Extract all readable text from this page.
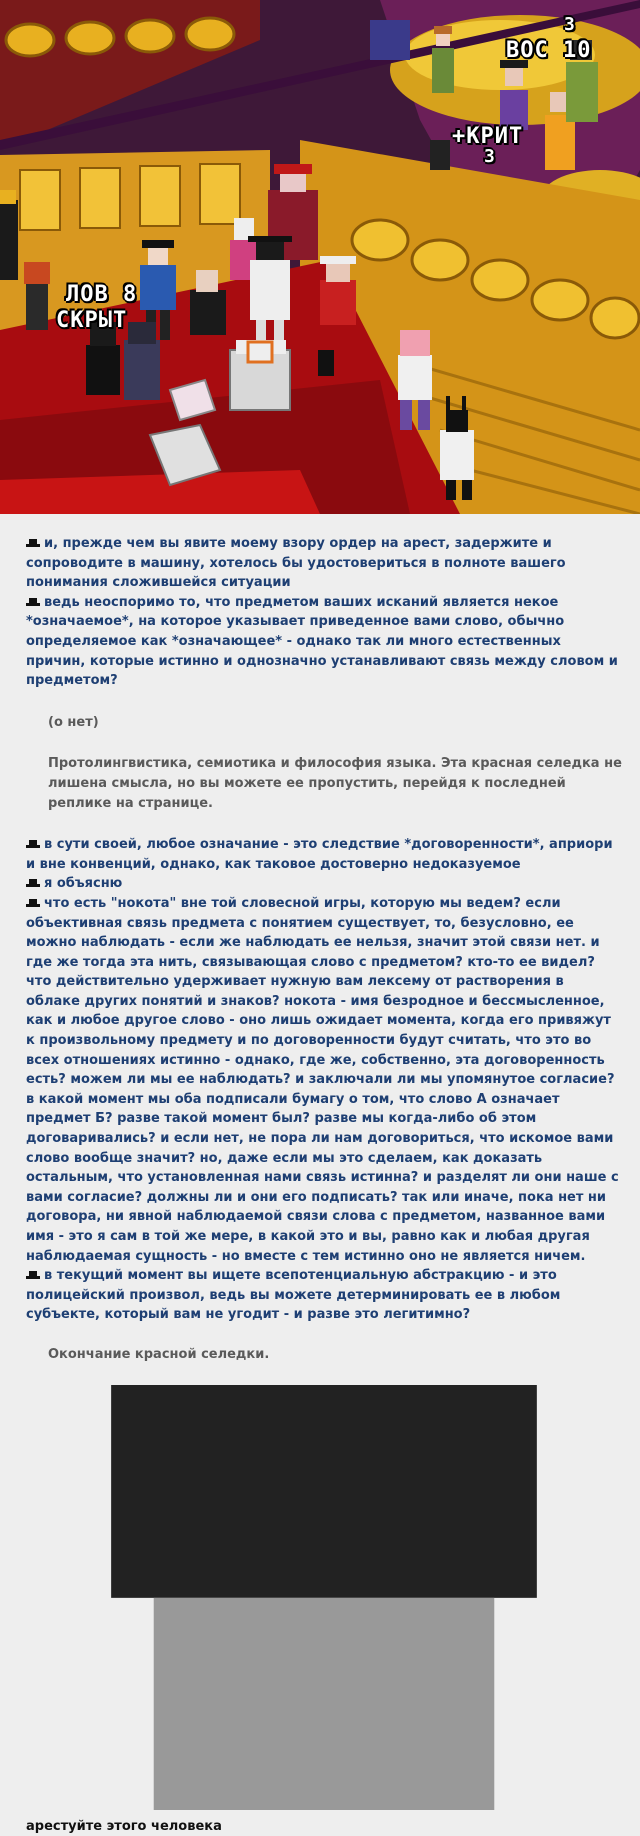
3
ВОС 10
+КРИТ
3
ЛОВ 8
СКРЫТ

и, прежде чем вы явите моему взору ордер на арест, задержите и сопроводите в машину, хотелось бы удостовериться в полноте вашего понимания сложившейся ситуации

ведь неоспоримо то, что предметом ваших исканий является некое *означаемое*, на которое указывает приведенное вами слово, обычно определяемое как *означающее* - однако так ли много естественных причин, которые истинно и однозначно устанавливают связь между словом и предметом?

(о нет)

Протолингвистика, семиотика и философия языка. Эта красная селедка не лишена смысла, но вы можете ее пропустить, перейдя к последней реплике на странице.

в сути своей, любое означание - это следствие *договоренности*, априори и вне конвенций, однако, как таковое достоверно недоказуемое

я объясню

что есть "нокота" вне той словесной игры, которую мы ведем? если объективная связь предмета с понятием существует, то, безусловно, ее можно наблюдать - если же наблюдать ее нельзя, значит этой связи нет. и где же тогда эта нить, связывающая слово с предметом? кто-то ее видел? что действительно удерживает нужную вам лексему от растворения в облаке других понятий и знаков? нокота - имя безродное и бессмысленное, как и любое другое слово - оно лишь ожидает момента, когда его привяжут к произвольному предмету и по договоренности будут считать, что это во всех отношениях истинно - однако, где же, собственно, эта договоренность есть? можем ли мы ее наблюдать? и заключали ли мы упомянутое согласие? в какой момент мы оба подписали бумагу о том, что слово А означает предмет Б? разве такой момент был? разве мы когда-либо об этом договаривались? и если нет, не пора ли нам договориться, что искомое вами слово вообще значит? но, даже если мы это сделаем, как доказать остальным, что установленная нами связь истинна? и разделят ли они наше с вами согласие? должны ли и они его подписать? так или иначе, пока нет ни договора, ни явной наблюдаемой связи слова с предметом, названное вами имя - это я сам в той же мере, в какой это и вы, равно как и любая другая наблюдаемая сущность - но вместе с тем истинно оно не является ничем.

в текущий момент вы ищете всепотенциальную абстракцию - и это полицейский произвол, ведь вы можете детерминировать ее в любом субъекте, который вам не угодит - и разве это легитимно?

Окончание красной селедки.

арестуйте этого человека
